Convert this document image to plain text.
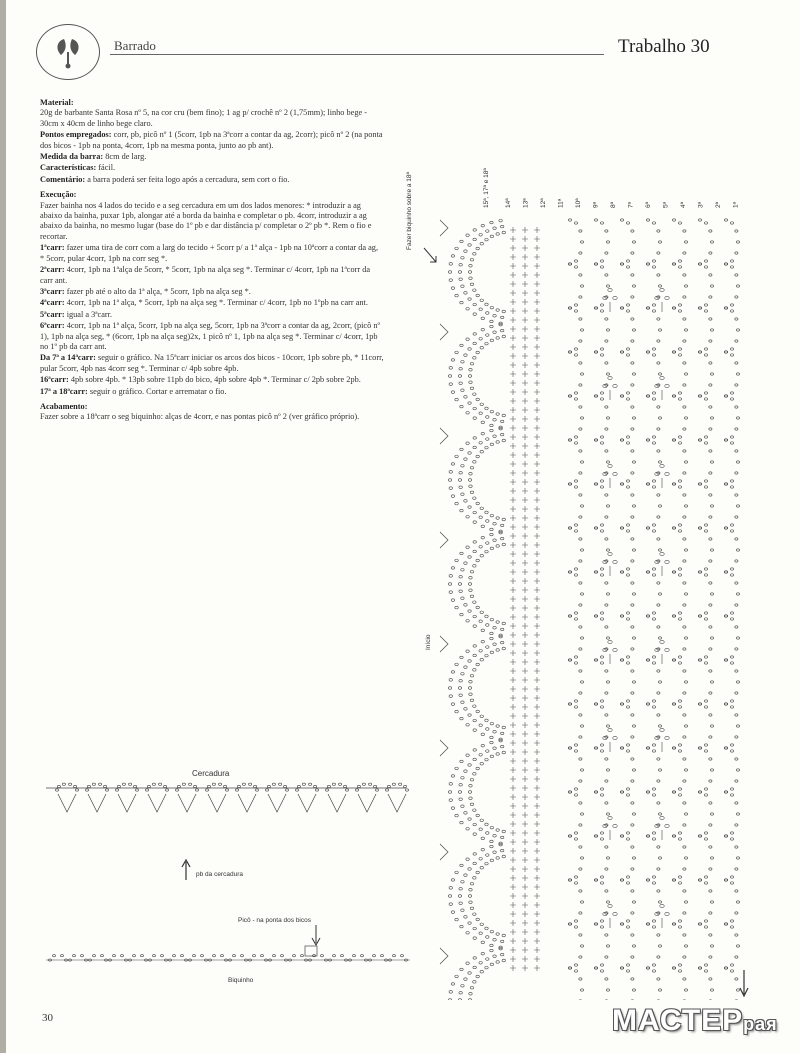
Barrado	Trabalho 30

Material:
20g de barbante Santa Rosa nº 5, na cor cru (bem fino); 1 ag p/ crochê nº 2 (1,75mm); linho bege - 30cm x 40cm de linho bege claro.

Pontos empregados: corr, pb, picô nº 1 (5corr, 1pb na 3ªcorr a contar da ag, 2corr); picô nº 2 (na ponta dos bicos - 1pb na ponta, 4corr, 1pb na mesma ponta, junto ao pb ant).

Medida da barra: 8cm de larg.

Características: fácil.

Comentário: a barra poderá ser feita logo após a cercadura, sem cort o fio.

Execução:
Fazer bainha nos 4 lados do tecido e a seg cercadura em um dos lados menores: * introduzir a ag abaixo da bainha, puxar 1pb, alongar até a borda da bainha e completar o pb. 4corr, introduzir a ag abaixo da bainha, no mesmo lugar (base do 1º pb e dar distância p/ completar o 2º pb *. Rem o fio e recortar.

1ªcarr: fazer uma tira de corr com a larg do tecido + 5corr p/ a 1ª alça - 1pb na 10ªcorr a contar da ag, * 5corr, pular 4corr, 1pb na corr seg *.

2ªcarr: 4corr, 1pb na 1ªalça de 5corr, * 5corr, 1pb na alça seg *. Terminar c/ 4corr, 1pb na 1ªcorr da carr ant.

3ªcarr: fazer pb até o alto da 1ª alça, * 5corr, 1pb na alça seg *.

4ªcarr: 4corr, 1pb na 1ª alça, * 5corr, 1pb na alça seg *. Terminar c/ 4corr, 1pb no 1ºpb na carr ant.

5ªcarr: igual a 3ªcarr.

6ªcarr: 4corr, 1pb na 1ª alça, 5corr, 1pb na alça seg, 5corr, 1pb na 3ªcorr a contar da ag, 2corr, (picô nº 1), 1pb na alça seg, * (6corr, 1pb na alça seg)2x, 1 picô nº 1, 1pb na alça seg *. Terminar c/ 4corr, 1pb no 1º pb da carr ant.

Da 7ª a 14ªcarr: seguir o gráfico. Na 15ªcarr iniciar os arcos dos bicos - 10corr, 1pb sobre pb, * 11corr, pular 5corr, 4pb nas 4corr seg *. Terminar c/ 4pb sobre 4pb.

16ªcarr: 4pb sobre 4pb. * 13pb sobre 11pb do bico, 4pb sobre 4pb *. Terminar c/ 2pb sobre 2pb.

17ª a 18ªcarr: seguir o gráfico. Cortar e arrematar o fio.

Acabamento:
Fazer sobre a 18ªcarr o seg biquinho: alças de 4corr, e nas pontas picô nº 2 (ver gráfico próprio).

Cercadura
pb da cercadura
Picô - na ponta dos bicos
Biquinho
Fazer biquinho sobre a 18ª	15ª, 17ª e 18ª
Início
14ª 13ª 12ª 11ª 10ª 9ª 8ª 7ª 6ª 5ª 4ª 3ª 2ª 1ª
30	МАСТЕРрая
